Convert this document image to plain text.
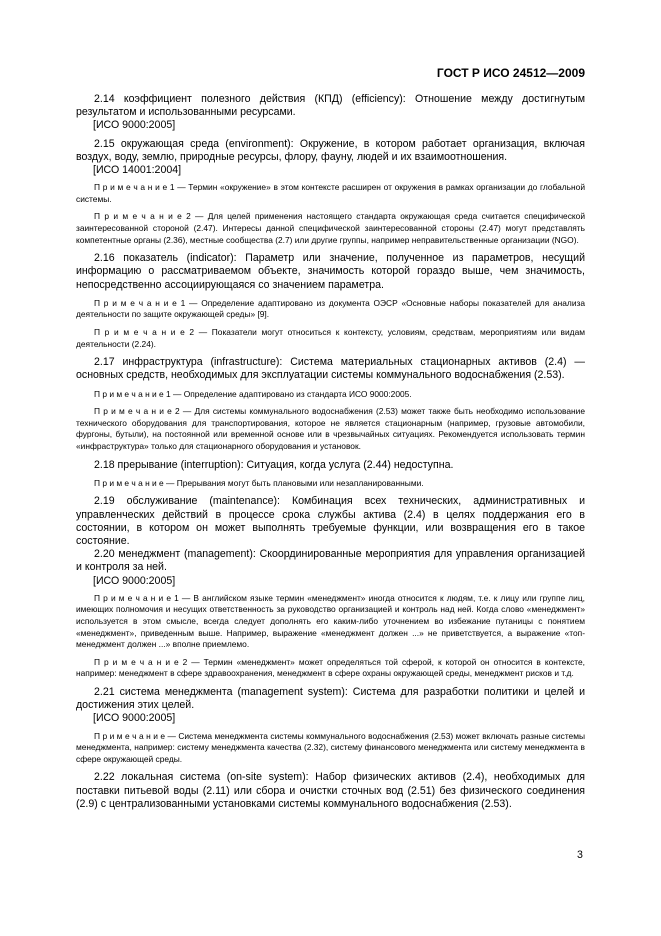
ГОСТ Р ИСО 24512—2009

2.14 коэффициент полезного действия (КПД) (efficiency): Отношение между достигнутым результатом и использованными ресурсами.

[ИСО 9000:2005]

2.15 окружающая среда (environment): Окружение, в котором работает организация, включая воздух, воду, землю, природные ресурсы, флору, фауну, людей и их взаимоотношения.

[ИСО 14001:2004]

П р и м е ч а н и е 1 — Термин «окружение» в этом контексте расширен от окружения в рамках организации до глобальной системы.

П р и м е ч а н и е 2 — Для целей применения настоящего стандарта окружающая среда считается специфической заинтересованной стороной (2.47). Интересы данной специфической заинтересованной стороны (2.47) могут представлять компетентные органы (2.36), местные сообщества (2.7) или другие группы, например неправительственные организации (NGO).

2.16 показатель (indicator): Параметр или значение, полученное из параметров, несущий информацию о рассматриваемом объекте, значимость которой гораздо выше, чем значимость, непосредственно ассоциирующаяся со значением параметра.

П р и м е ч а н и е 1 — Определение адаптировано из документа ОЭСР «Основные наборы показателей для анализа деятельности по защите окружающей среды» [9].

П р и м е ч а н и е 2 — Показатели могут относиться к контексту, условиям, средствам, мероприятиям или видам деятельности (2.24).

2.17 инфраструктура (infrastructure): Система материальных стационарных активов (2.4) — основных средств, необходимых для эксплуатации системы коммунального водоснабжения (2.53).

П р и м е ч а н и е 1 — Определение адаптировано из стандарта ИСО 9000:2005.

П р и м е ч а н и е 2 — Для системы коммунального водоснабжения (2.53) может также быть необходимо использование технического оборудования для транспортирования, которое не является стационарным (например, грузовые автомобили, фургоны, бутыли), на постоянной или временной основе или в чрезвычайных ситуациях. Рекомендуется использовать термин «инфраструктура» только для стационарного оборудования и установок.

2.18 прерывание (interruption): Ситуация, когда услуга (2.44) недоступна.

П р и м е ч а н и е — Прерывания могут быть плановыми или незапланированными.

2.19 обслуживание (maintenance): Комбинация всех технических, административных и управленческих действий в процессе срока службы актива (2.4) в целях поддержания его в состоянии, в котором он может выполнять требуемые функции, или возвращения его в такое состояние.

2.20 менеджмент (management): Скоординированные мероприятия для управления организацией и контроля за ней.

[ИСО 9000:2005]

П р и м е ч а н и е 1 — В английском языке термин «менеджмент» иногда относится к людям, т.е. к лицу или группе лиц, имеющих полномочия и несущих ответственность за руководство организацией и контроль над ней. Когда слово «менеджмент» используется в этом смысле, всегда следует дополнять его каким-либо уточнением во избежание путаницы с понятием «менеджмент», приведенным выше. Например, выражение «менеджмент должен ...» не приветствуется, а выражение «топ-менеджмент должен ...» вполне приемлемо.

П р и м е ч а н и е 2 — Термин «менеджмент» может определяться той сферой, к которой он относится в контексте, например: менеджмент в сфере здравоохранения, менеджмент в сфере охраны окружающей среды, менеджмент рисков и т.д.

2.21 система менеджмента (management system): Система для разработки политики и целей и достижения этих целей.

[ИСО 9000:2005]

П р и м е ч а н и е — Система менеджмента системы коммунального водоснабжения (2.53) может включать разные системы менеджмента, например: систему менеджмента качества (2.32), систему финансового менеджмента или систему менеджмента в сфере окружающей среды.

2.22 локальная система (on-site system): Набор физических активов (2.4), необходимых для поставки питьевой воды (2.11) или сбора и очистки сточных вод (2.51) без физического соединения (2.9) с централизованными установками системы коммунального водоснабжения (2.53).

3
